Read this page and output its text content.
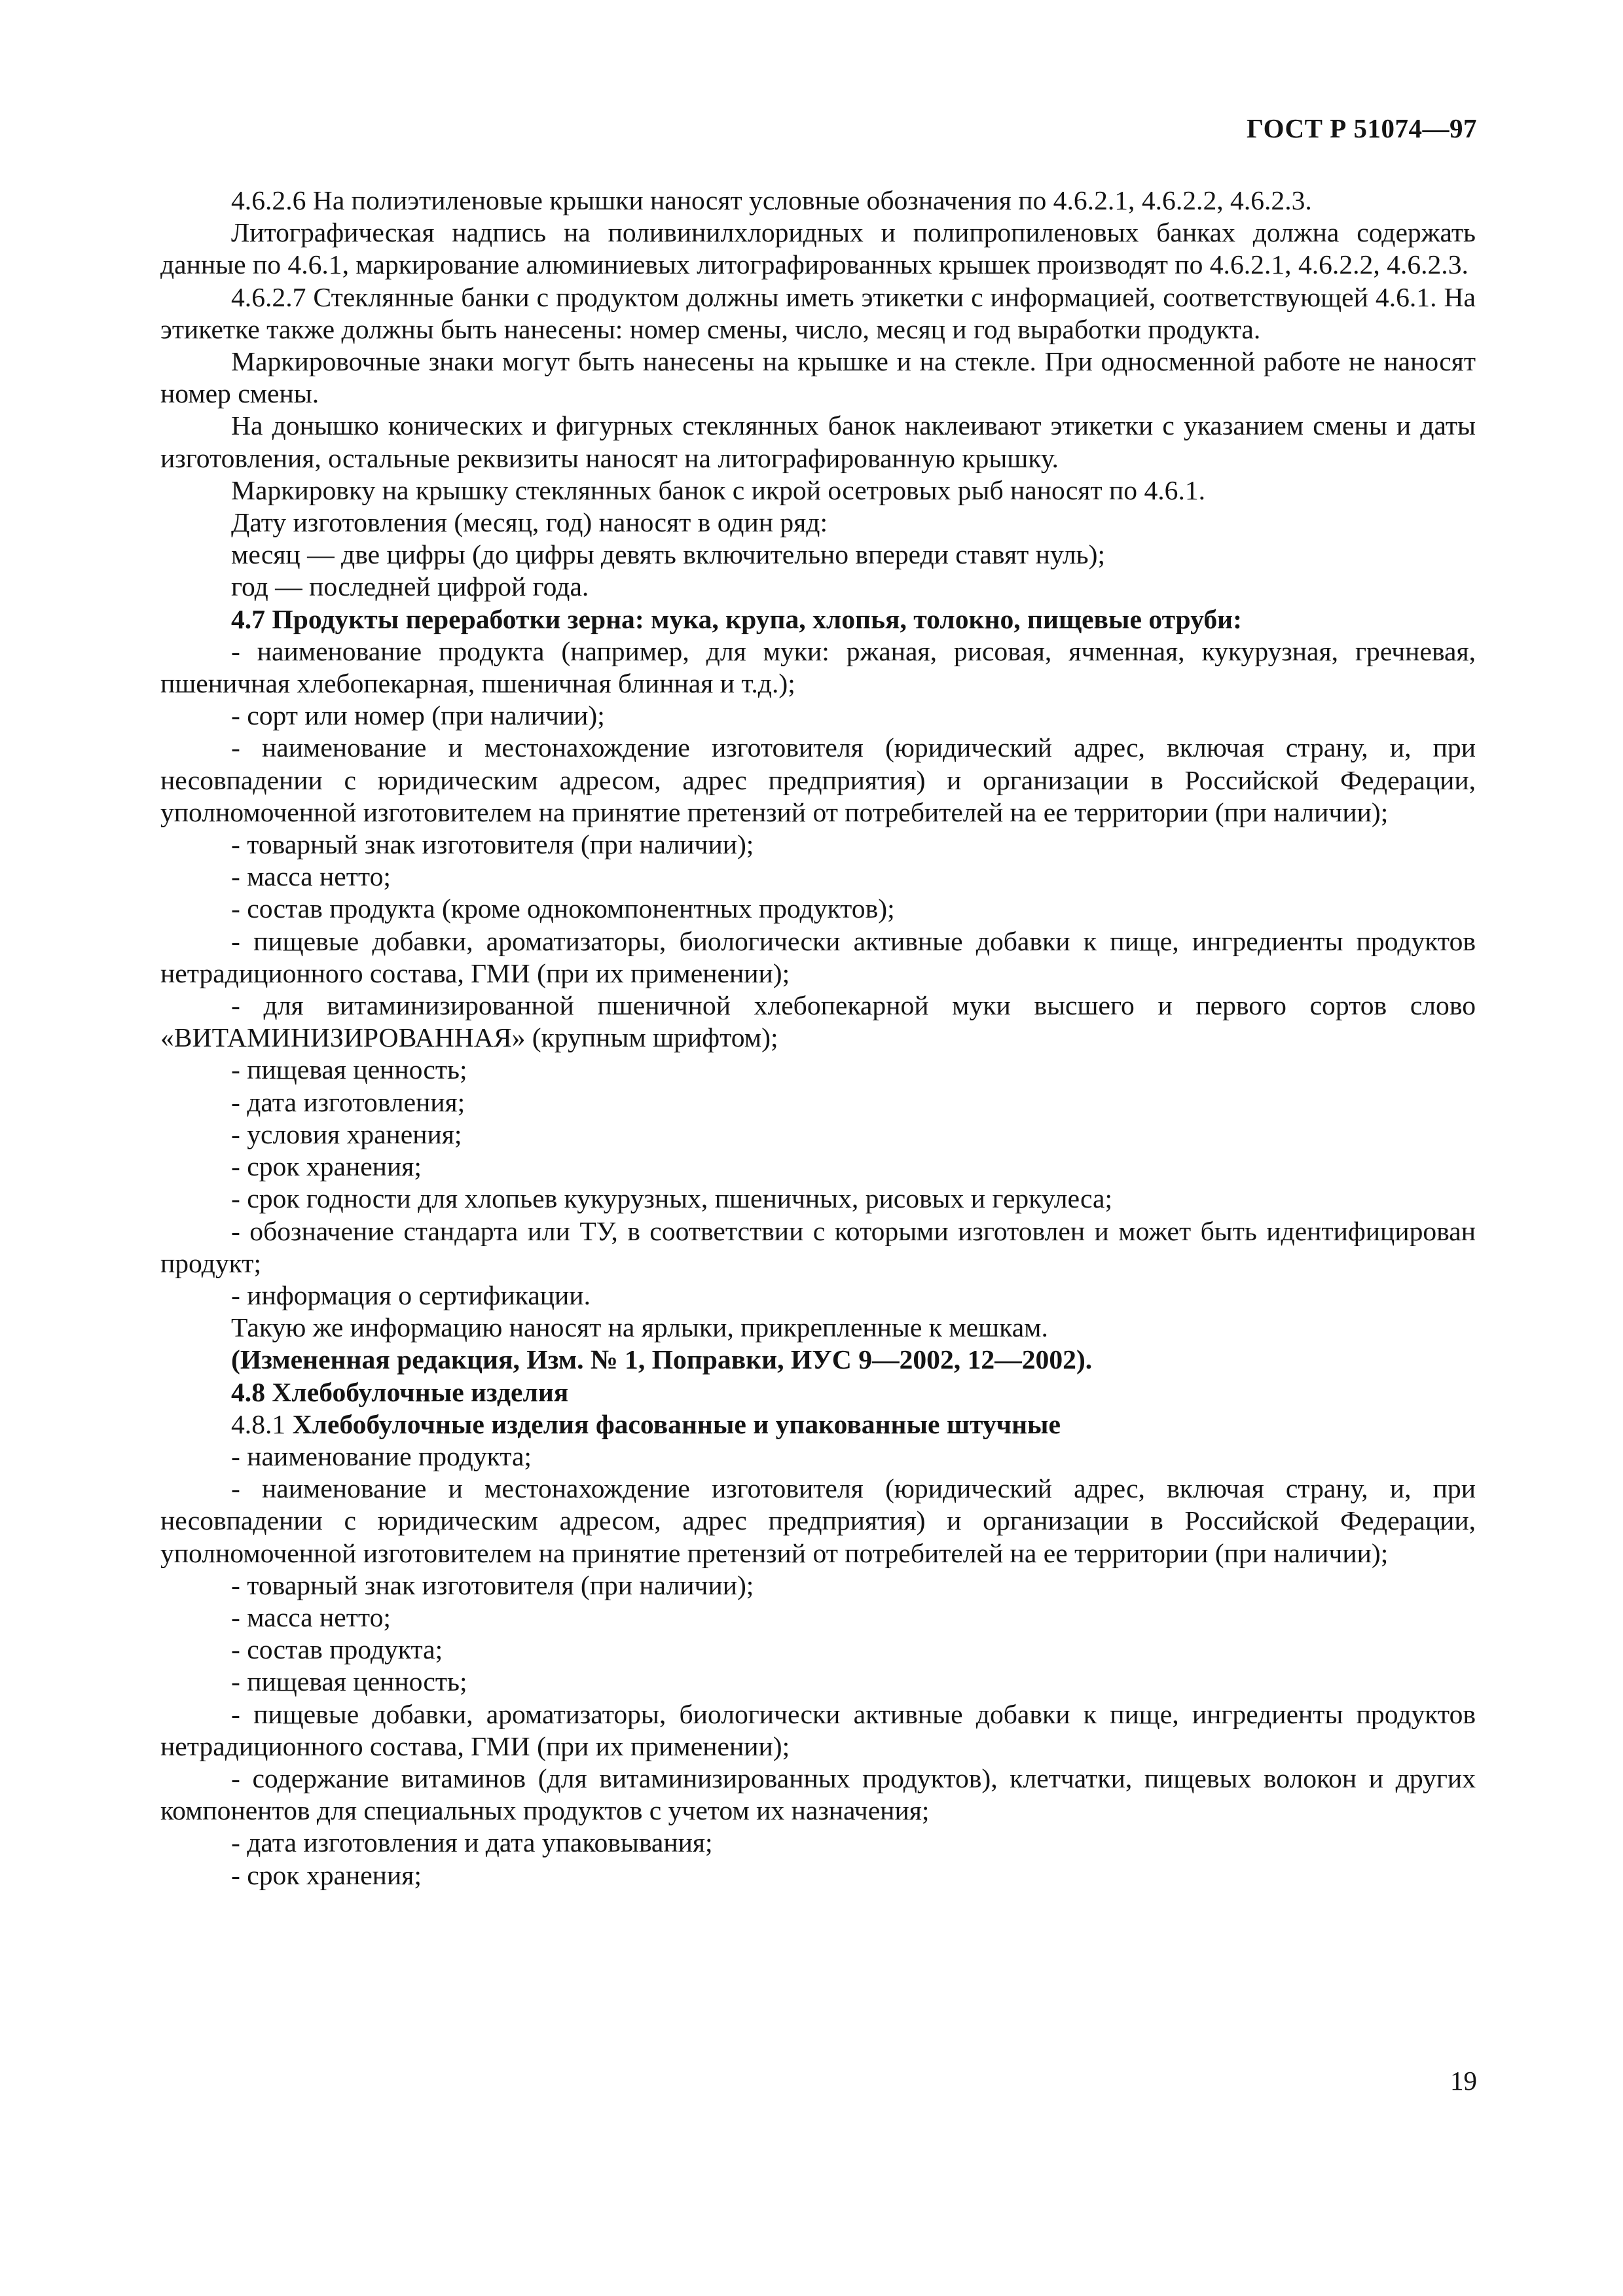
ГОСТ Р 51074—97

4.6.2.6 На полиэтиленовые крышки наносят условные обозначения по 4.6.2.1, 4.6.2.2, 4.6.2.3.

Литографическая надпись на поливинилхлоридных и полипропиленовых банках должна содержать данные по 4.6.1, маркирование алюминиевых литографированных крышек производят по 4.6.2.1, 4.6.2.2, 4.6.2.3.

4.6.2.7 Стеклянные банки с продуктом должны иметь этикетки с информацией, соответствующей 4.6.1. На этикетке также должны быть нанесены: номер смены, число, месяц и год выработки продукта.

Маркировочные знаки могут быть нанесены на крышке и на стекле. При односменной работе не наносят номер смены.

На донышко конических и фигурных стеклянных банок наклеивают этикетки с указанием смены и даты изготовления, остальные реквизиты наносят на литографированную крышку.

Маркировку на крышку стеклянных банок с икрой осетровых рыб наносят по 4.6.1.

Дату изготовления (месяц, год) наносят в один ряд:

месяц — две цифры (до цифры девять включительно впереди ставят нуль);

год — последней цифрой года.

4.7 Продукты переработки зерна: мука, крупа, хлопья, толокно, пищевые отруби:

- наименование продукта (например, для муки: ржаная, рисовая, ячменная, кукурузная, гречневая, пшеничная хлебопекарная, пшеничная блинная и т.д.);

- сорт или номер (при наличии);

- наименование и местонахождение изготовителя (юридический адрес, включая страну, и, при несовпадении с юридическим адресом, адрес предприятия) и организации в Российской Федерации, уполномоченной изготовителем на принятие претензий от потребителей на ее территории (при наличии);

- товарный знак изготовителя (при наличии);

- масса нетто;

- состав продукта (кроме однокомпонентных продуктов);

- пищевые добавки, ароматизаторы, биологически активные добавки к пище, ингредиенты продуктов нетрадиционного состава, ГМИ (при их применении);

- для витаминизированной пшеничной хлебопекарной муки высшего и первого сортов слово «ВИТАМИНИЗИРОВАННАЯ» (крупным шрифтом);

- пищевая ценность;

- дата изготовления;

- условия хранения;

- срок хранения;

- срок годности для хлопьев кукурузных, пшеничных, рисовых и геркулеса;

- обозначение стандарта или ТУ, в соответствии с которыми изготовлен и может быть идентифицирован продукт;

- информация о сертификации.

Такую же информацию наносят на ярлыки, прикрепленные к мешкам.

(Измененная редакция, Изм. № 1, Поправки, ИУС 9—2002, 12—2002).

4.8 Хлебобулочные изделия

4.8.1 Хлебобулочные изделия фасованные и упакованные штучные

- наименование продукта;

- наименование и местонахождение изготовителя (юридический адрес, включая страну, и, при несовпадении с юридическим адресом, адрес предприятия) и организации в Российской Федерации, уполномоченной изготовителем на принятие претензий от потребителей на ее территории (при наличии);

- товарный знак изготовителя (при наличии);

- масса нетто;

- состав продукта;

- пищевая ценность;

- пищевые добавки, ароматизаторы, биологически активные добавки к пище, ингредиенты продуктов нетрадиционного состава, ГМИ (при их применении);

- содержание витаминов (для витаминизированных продуктов), клетчатки, пищевых волокон и других компонентов для специальных продуктов с учетом их назначения;

- дата изготовления и дата упаковывания;

- срок хранения;

19
